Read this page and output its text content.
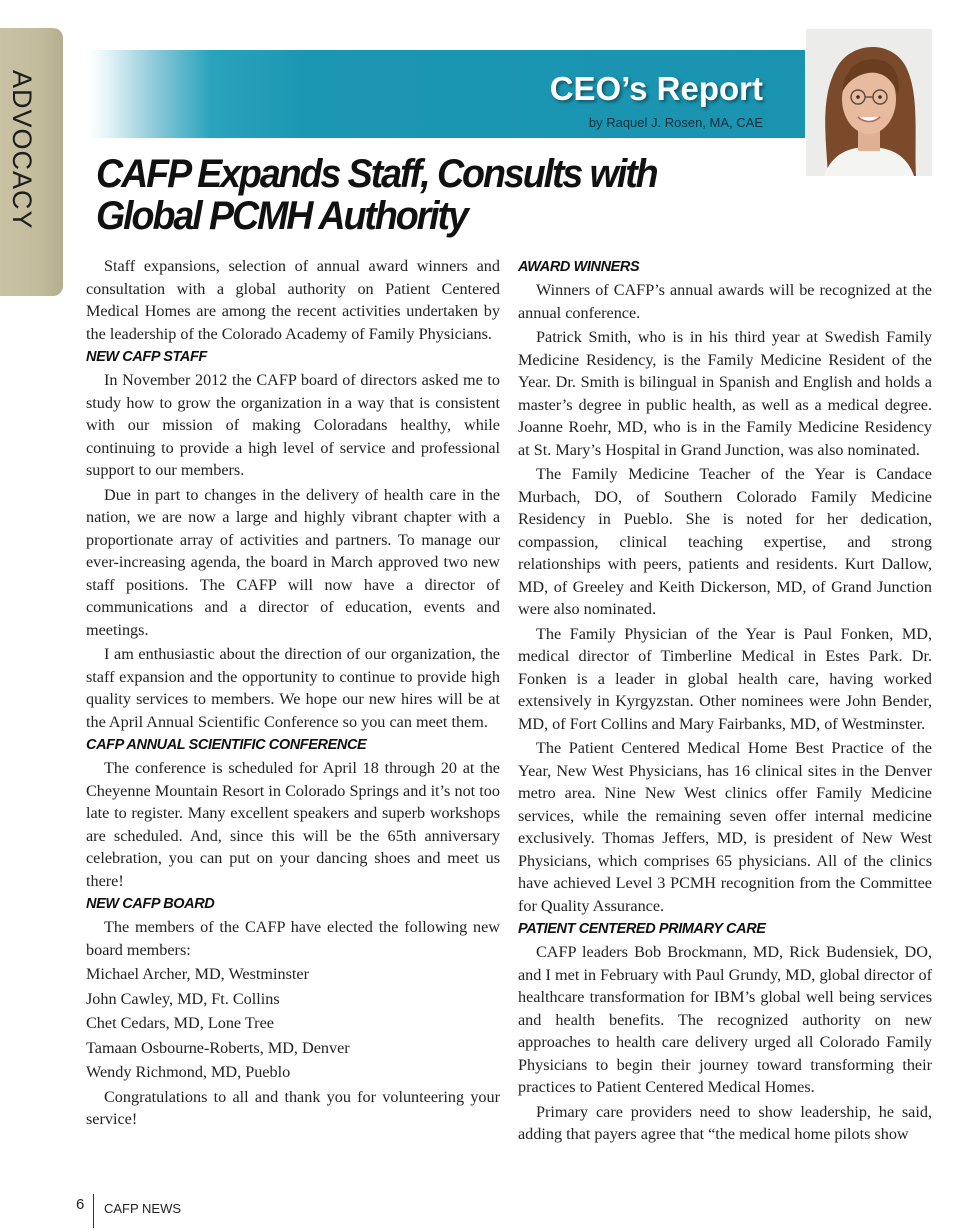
ADVOCACY	CEO’s Report
by Raquel J. Rosen, MA, CAE
CAFP Expands Staff, Consults with Global PCMH Authority

Staff expansions, selection of annual award winners and consultation with a global authority on Patient Centered Medical Homes are among the recent activities undertaken by the leadership of the Colorado Academy of Family Physicians.

NEW CAFP STAFF

In November 2012 the CAFP board of directors asked me to study how to grow the organization in a way that is consistent with our mission of making Coloradans healthy, while continuing to provide a high level of service and professional support to our members.

Due in part to changes in the delivery of health care in the nation, we are now a large and highly vibrant chapter with a proportionate array of activities and partners. To manage our ever-increasing agenda, the board in March approved two new staff positions. The CAFP will now have a director of communications and a director of education, events and meetings.

I am enthusiastic about the direction of our organization, the staff expansion and the opportunity to continue to provide high quality services to members. We hope our new hires will be at the April Annual Scientific Conference so you can meet them.

CAFP ANNUAL SCIENTIFIC CONFERENCE

The conference is scheduled for April 18 through 20 at the Cheyenne Mountain Resort in Colorado Springs and it’s not too late to register. Many excellent speakers and superb workshops are scheduled. And, since this will be the 65th anniversary celebration, you can put on your dancing shoes and meet us there!

NEW CAFP BOARD

The members of the CAFP have elected the following new board members:

Michael Archer, MD, Westminster

John Cawley, MD, Ft. Collins

Chet Cedars, MD, Lone Tree

Tamaan Osbourne-Roberts, MD, Denver

Wendy Richmond, MD, Pueblo

Congratulations to all and thank you for volunteering your service!

AWARD WINNERS

Winners of CAFP’s annual awards will be recognized at the annual conference.

Patrick Smith, who is in his third year at Swedish Family Medicine Residency, is the Family Medicine Resident of the Year. Dr. Smith is bilingual in Spanish and English and holds a master’s degree in public health, as well as a medical degree. Joanne Roehr, MD, who is in the Family Medicine Residency at St. Mary’s Hospital in Grand Junction, was also nominated.

The Family Medicine Teacher of the Year is Candace Murbach, DO, of Southern Colorado Family Medicine Residency in Pueblo. She is noted for her dedication, compassion, clinical teaching expertise, and strong relationships with peers, patients and residents. Kurt Dallow, MD, of Greeley and Keith Dickerson, MD, of Grand Junction were also nominated.

The Family Physician of the Year is Paul Fonken, MD, medical director of Timberline Medical in Estes Park. Dr. Fonken is a leader in global health care, having worked extensively in Kyrgyzstan. Other nominees were John Bender, MD, of Fort Collins and Mary Fairbanks, MD, of Westminster.

The Patient Centered Medical Home Best Practice of the Year, New West Physicians, has 16 clinical sites in the Denver metro area. Nine New West clinics offer Family Medicine services, while the remaining seven offer internal medicine exclusively. Thomas Jeffers, MD, is president of New West Physicians, which comprises 65 physicians. All of the clinics have achieved Level 3 PCMH recognition from the Committee for Quality Assurance.

PATIENT CENTERED PRIMARY CARE

CAFP leaders Bob Brockmann, MD, Rick Budensiek, DO, and I met in February with Paul Grundy, MD, global director of healthcare transformation for IBM’s global well being services and health benefits. The recognized authority on new approaches to health care delivery urged all Colorado Family Physicians to begin their journey toward transforming their practices to Patient Centered Medical Homes.

Primary care providers need to show leadership, he said, adding that payers agree that “the medical home pilots show

6 CAFP NEWS
